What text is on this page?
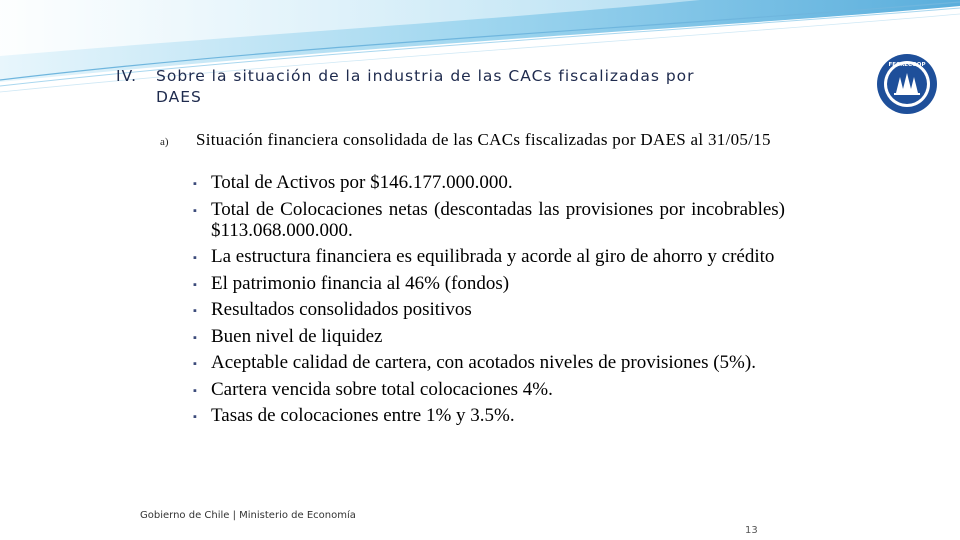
IV. Sobre la situación de la industria de las CACs fiscalizadas por
DAES
FECRECOOP
a) Situación financiera consolidada de las CACs fiscalizadas por DAES al 31/05/15
▪ Total de Activos por $146.177.000.000.
▪ Total de Colocaciones netas (descontadas las provisiones por incobrables) $113.068.000.000.
▪ La estructura financiera es equilibrada y acorde al giro de ahorro y crédito
▪ El patrimonio financia al 46% (fondos)
▪ Resultados consolidados positivos
▪ Buen nivel de liquidez
▪ Aceptable calidad de cartera, con acotados niveles de provisiones (5%).
▪ Cartera vencida sobre total colocaciones 4%.
▪ Tasas de colocaciones entre 1% y 3.5%.
Gobierno de Chile | Ministerio de Economía
13
